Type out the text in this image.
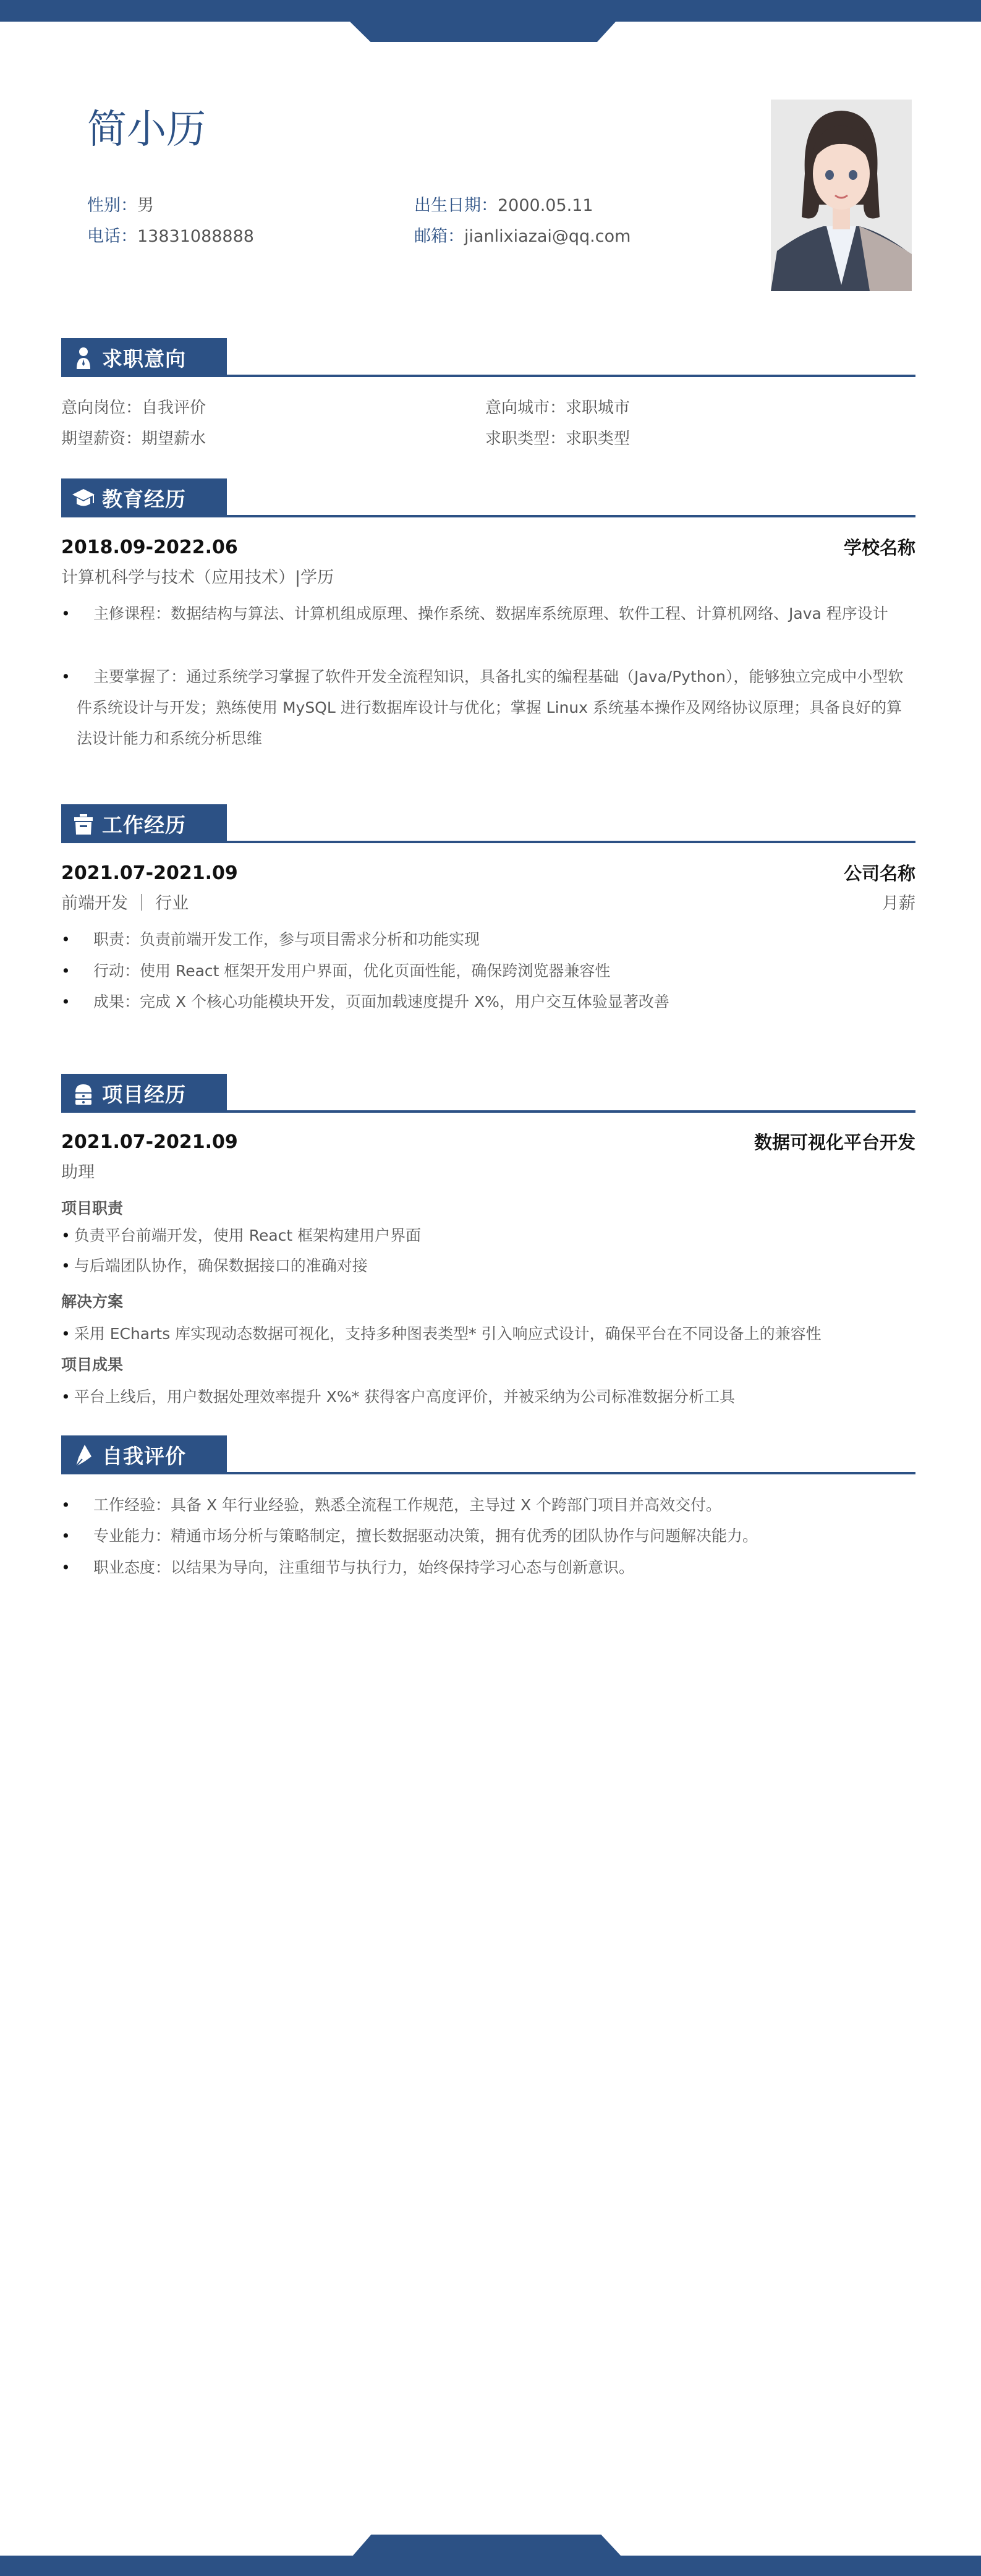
简小历
性别：男	出生日期：2000.05.11
电话：13831088888	邮箱：jianlixiazai@qq.com
求职意向
意向岗位：自我评价	意向城市：求职城市
期望薪资：期望薪水	求职类型：求职类型
教育经历
2018.09-2022.06	学校名称
计算机科学与技术（应用技术）|学历
•	主修课程：数据结构与算法、计算机组成原理、操作系统、数据库系统原理、软件工程、计算机网络、Java 程序设计
•	主要掌握了：通过系统学习掌握了软件开发全流程知识，具备扎实的编程基础（Java/Python），能够独立完成中小型软件系统设计与开发；熟练使用 MySQL 进行数据库设计与优化；掌握 Linux 系统基本操作及网络协议原理；具备良好的算法设计能力和系统分析思维
工作经历
2021.07-2021.09	公司名称
前端开发 ｜ 行业	月薪
•	职责：负责前端开发工作，参与项目需求分析和功能实现
•	行动：使用 React 框架开发用户界面，优化页面性能，确保跨浏览器兼容性
•	成果：完成 X 个核心功能模块开发，页面加载速度提升 X%，用户交互体验显著改善
项目经历
2021.07-2021.09	数据可视化平台开发
助理
项目职责
• 负责平台前端开发，使用 React 框架构建用户界面
• 与后端团队协作，确保数据接口的准确对接
解决方案
• 采用 ECharts 库实现动态数据可视化，支持多种图表类型* 引入响应式设计，确保平台在不同设备上的兼容性
项目成果
• 平台上线后，用户数据处理效率提升 X%* 获得客户高度评价，并被采纳为公司标准数据分析工具
自我评价
•	工作经验：具备 X 年行业经验，熟悉全流程工作规范，主导过 X 个跨部门项目并高效交付。
•	专业能力：精通市场分析与策略制定，擅长数据驱动决策，拥有优秀的团队协作与问题解决能力。
•	职业态度：以结果为导向，注重细节与执行力，始终保持学习心态与创新意识。
